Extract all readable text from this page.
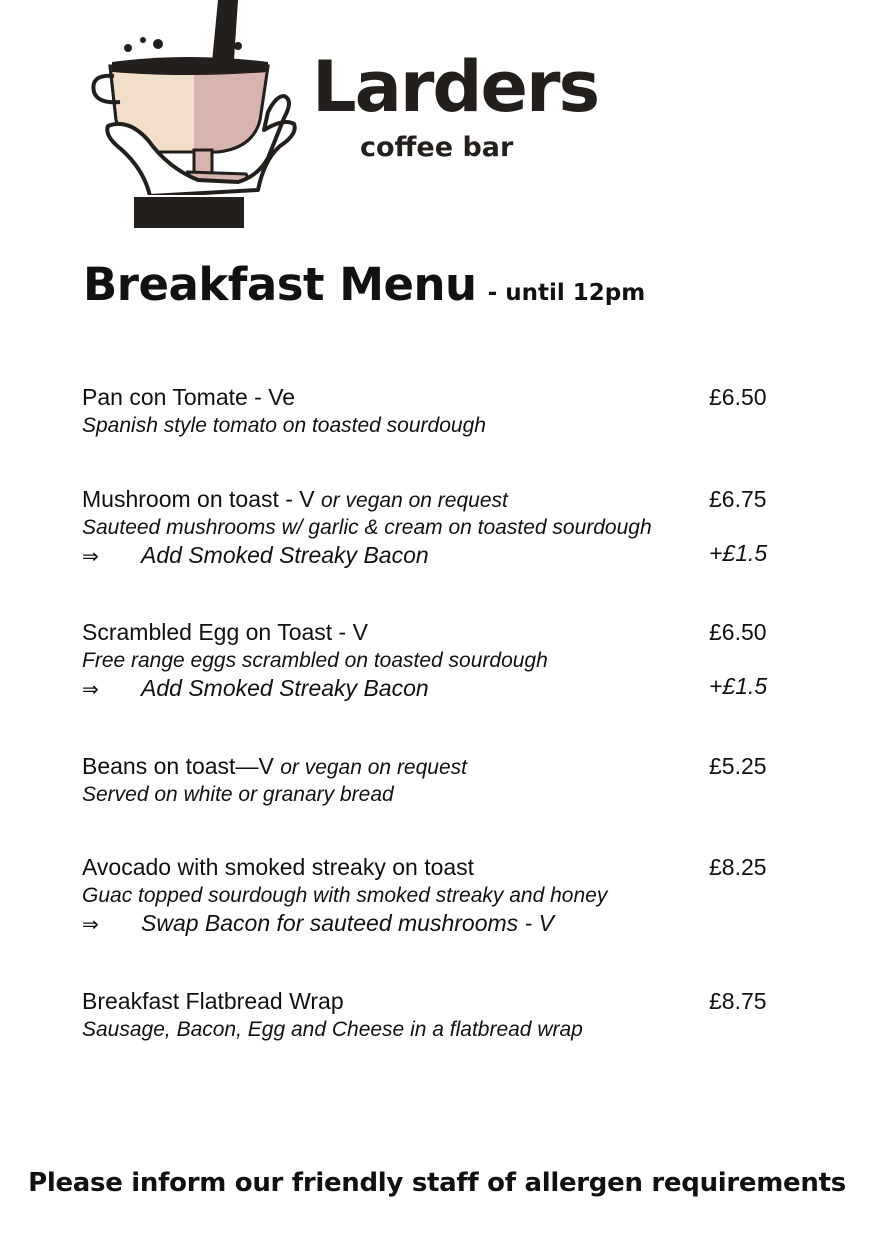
Larders
coffee bar
Breakfast Menu - until 12pm
Pan con Tomate - Ve	£6.50
Spanish style tomato on toasted sourdough
Mushroom on toast - V or vegan on request	£6.75
Sauteed mushrooms w/ garlic & cream on toasted sourdough
⇒ Add Smoked Streaky Bacon	+£1.5
Scrambled Egg on Toast - V	£6.50
Free range eggs scrambled on toasted sourdough
⇒ Add Smoked Streaky Bacon	+£1.5
Beans on toast—V or vegan on request	£5.25
Served on white or granary bread
Avocado with smoked streaky on toast	£8.25
Guac topped sourdough with smoked streaky and honey
⇒ Swap Bacon for sauteed mushrooms - V
Breakfast Flatbread Wrap	£8.75
Sausage, Bacon, Egg and Cheese in a flatbread wrap
Please inform our friendly staff of allergen requirements
